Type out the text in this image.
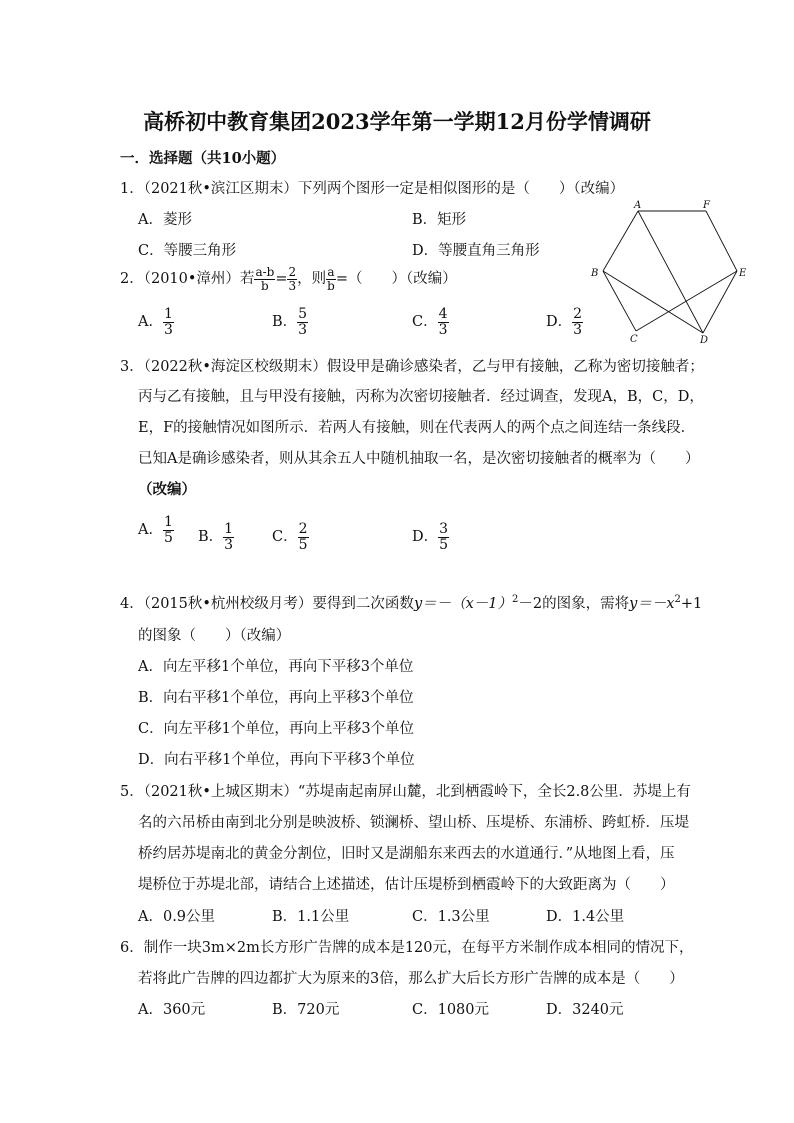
高桥初中教育集团2023学年第一学期12月份学情调研
一．选择题（共10小题）
1．（2021秋•滨江区期末）下列两个图形一定是相似图形的是（　　）（改编）
A．菱形	B．矩形
C．等腰三角形	D．等腰直角三角形
2．（2010•漳州）若 $\frac{a-b}{b} = \frac{2}{3}$ ，则 $\frac{a}{b}$ =（　　）（改编）
A． $\frac{1}{3}$	B． $\frac{5}{3}$	C． $\frac{4}{3}$	D． $\frac{2}{3}$
A	F
B	E
C	D
3．（2022秋•海淀区校级期末）假设甲是确诊感染者，乙与甲有接触，乙称为密切接触者；
丙与乙有接触，且与甲没有接触，丙称为次密切接触者．经过调查，发现A，B，C，D，
E，F的接触情况如图所示．若两人有接触，则在代表两人的两个点之间连结一条线段．
已知A是确诊感染者，则从其余五人中随机抽取一名，是次密切接触者的概率为（　　）
（改编）
A． $\frac{1}{5}$ B． $\frac{1}{3}$	C． $\frac{2}{5}$	D． $\frac{3}{5}$
4．（2015秋•杭州校级月考）要得到二次函数$y=-(x-1)^2-2$的图象，需将$y=-x^2+1$
的图象（　　）（改编）
A．向左平移1个单位，再向下平移3个单位
B．向右平移1个单位，再向上平移3个单位
C．向左平移1个单位，再向上平移3个单位
D．向右平移1个单位，再向下平移3个单位
5．（2021秋•上城区期末）“苏堤南起南屏山麓，北到栖霞岭下，全长2.8公里．苏堤上有
名的六吊桥由南到北分别是映波桥、锁澜桥、望山桥、压堤桥、东浦桥、跨虹桥．压堤
桥约居苏堤南北的黄金分割位，旧时又是湖船东来西去的水道通行．”从地图上看，压
堤桥位于苏堤北部，请结合上述描述，估计压堤桥到栖霞岭下的大致距离为（　　）
A．0.9公里	B．1.1公里	C．1.3公里	D．1.4公里
6．制作一块3m×2m长方形广告牌的成本是120元，在每平方米制作成本相同的情况下，
若将此广告牌的四边都扩大为原来的3倍，那么扩大后长方形广告牌的成本是（　　）
A．360元	B．720元	C．1080元	D．3240元
